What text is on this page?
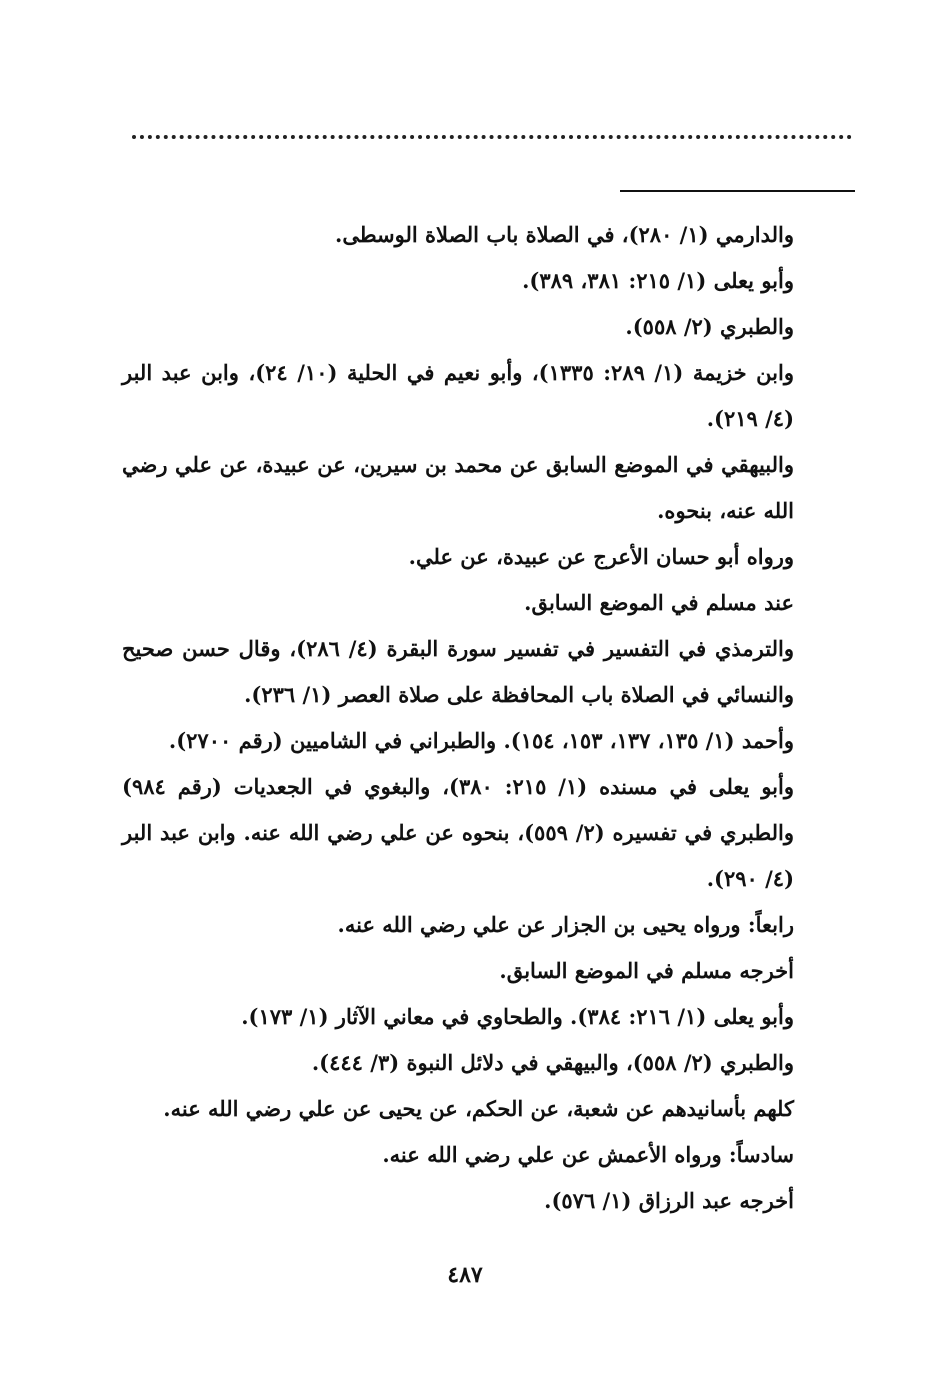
والدارمي (١/ ٢٨٠)، في الصلاة باب الصلاة الوسطى.

وأبو يعلى (١/ ٢١٥: ٣٨١، ٣٨٩).

والطبري (٢/ ٥٥٨).

وابن خزيمة (١/ ٢٨٩: ١٣٣٥)، وأبو نعيم في الحلية (١٠/ ٢٤)، وابن عبد البر (٤/ ٢١٩).

والبيهقي في الموضع السابق عن محمد بن سيرين، عن عبيدة، عن علي رضي الله عنه، بنحوه.

ورواه أبو حسان الأعرج عن عبيدة، عن علي.

عند مسلم في الموضع السابق.

والترمذي في التفسير في تفسير سورة البقرة (٤/ ٢٨٦)، وقال حسن صحيح والنسائي في الصلاة باب المحافظة على صلاة العصر (١/ ٢٣٦).

وأحمد (١/ ١٣٥، ١٣٧، ١٥٣، ١٥٤). والطبراني في الشاميين (رقم ٢٧٠٠).

وأبو يعلى في مسنده (١/ ٢١٥: ٣٨٠)، والبغوي في الجعديات (رقم ٩٨٤) والطبري في تفسيره (٢/ ٥٥٩)، بنحوه عن علي رضي الله عنه. وابن عبد البر (٤/ ٢٩٠).

رابعاً: ورواه يحيى بن الجزار عن علي رضي الله عنه.

أخرجه مسلم في الموضع السابق.

وأبو يعلى (١/ ٢١٦: ٣٨٤). والطحاوي في معاني الآثار (١/ ١٧٣).

والطبري (٢/ ٥٥٨)، والبيهقي في دلائل النبوة (٣/ ٤٤٤).

كلهم بأسانيدهم عن شعبة، عن الحكم، عن يحيى عن علي رضي الله عنه.

سادساً: ورواه الأعمش عن علي رضي الله عنه.

أخرجه عبد الرزاق (١/ ٥٧٦).

٤٨٧
